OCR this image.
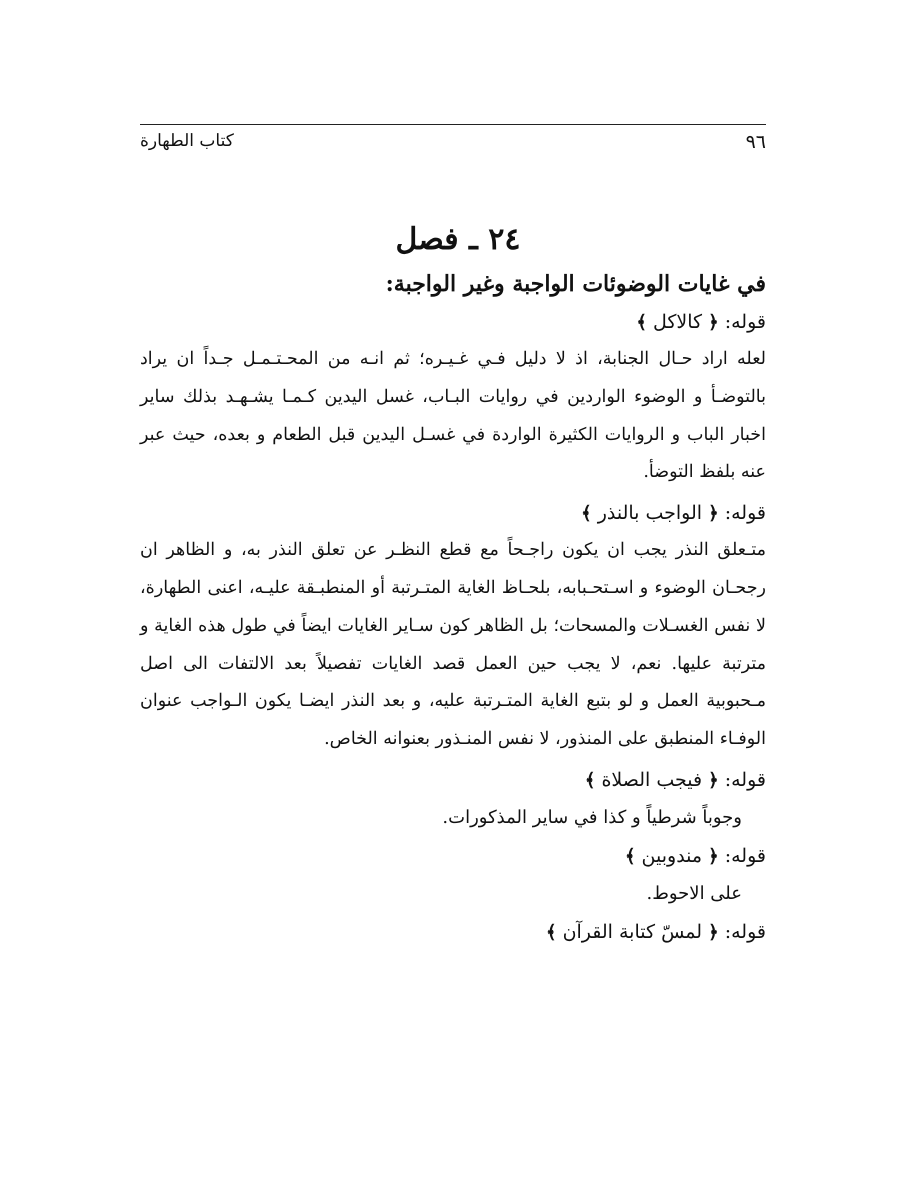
٩٦
كتاب الطهارة
٢٤ ـ فصل
في غايات الوضوئات الواجبة وغير الواجبة:
قوله: ﴿ كالاكل ﴾
لعله اراد حـال الجنابة، اذ لا دليل فـي غـيـره؛ ثم انـه من المحـتـمـل جـداً ان يراد بالتوضـأ و الوضوء الواردين في روايات البـاب، غسل اليدين كـمـا يشـهـد بذلك ساير اخبار الباب و الروايات الكثيرة الواردة في غسـل اليدين قبل الطعام و بعده، حيث عبر عنه بلفظ التوضأ.
قوله: ﴿ الواجب بالنذر ﴾
متـعلق النذر يجب ان يكون راجـحاً مع قطع النظـر عن تعلق النذر به، و الظاهر ان رجحـان الوضوء و اسـتحـبابه، بلحـاظ الغاية المتـرتبة أو المنطبـقة عليـه، اعنى الطهارة، لا نفس الغسـلات والمسحات؛ بل الظاهر كون سـاير الغايات ايضاً في طول هذه الغاية و مترتبة عليها. نعم، لا يجب حين العمل قصد الغايات تفصيلاً بعد الالتفات الى اصل مـحبوبية العمل و لو بتبع الغاية المتـرتبة عليه، و بعد النذر ايضـا يكون الـواجب عنوان الوفـاء المنطبق على المنذور، لا نفس المنـذور بعنوانه الخاص.
قوله: ﴿ فيجب الصلاة ﴾
وجوباً شرطياً و كذا في ساير المذكورات.
قوله: ﴿ مندوبين ﴾
على الاحوط.
قوله: ﴿ لمسّ كتابة القرآن ﴾
